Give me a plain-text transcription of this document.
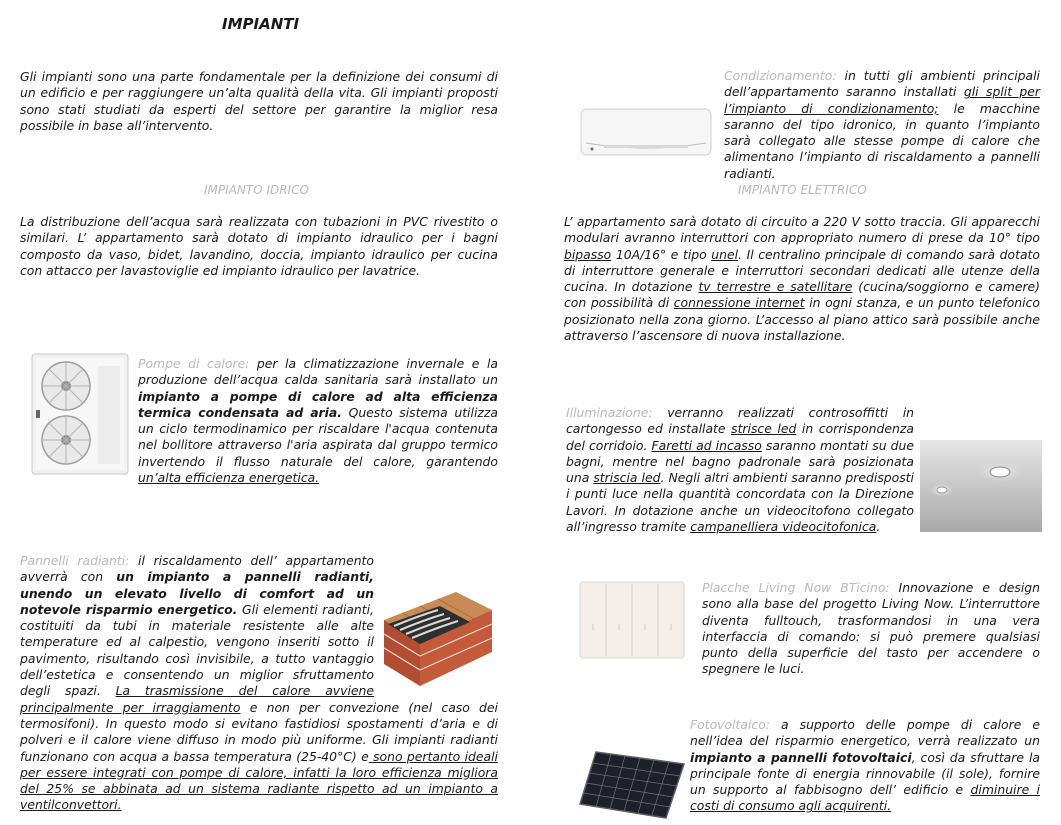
IMPIANTI

Gli impianti sono una parte fondamentale per la definizione dei consumi di un edificio e per raggiungere un’alta qualità della vita. Gli impianti proposti sono stati studiati da esperti del settore per garantire la miglior resa possibile in base all’intervento.

IMPIANTO IDRICO

La distribuzione dell’acqua sarà realizzata con tubazioni in PVC rivestito o similari. L’ appartamento sarà dotato di impianto idraulico per i bagni composto da vaso, bidet, lavandino, doccia, impianto idraulico per cucina con attacco per lavastoviglie ed impianto idraulico per lavatrice.

Pompe di calore: per la climatizzazione invernale e la produzione dell’acqua calda sanitaria sarà installato un impianto a pompe di calore ad alta efficienza termica condensata ad aria. Questo sistema utilizza un ciclo termodinamico per riscaldare l'acqua contenuta nel bollitore attraverso l'aria aspirata dal gruppo termico invertendo il flusso naturale del calore, garantendo un’alta efficienza energetica.

Pannelli radianti: il riscaldamento dell’ appartamento avverrà con un impianto a pannelli radianti, unendo un elevato livello di comfort ad un notevole risparmio energetico. Gli elementi radianti, costituiti da tubi in materiale resistente alle alte temperature ed al calpestio, vengono inseriti sotto il pavimento, risultando così invisibile, a tutto vantaggio dell’estetica e consentendo un miglior sfruttamento degli spazi. La trasmissione del calore avviene principalmente per irraggiamento e non per convezione (nel caso dei termosifoni). In questo modo si evitano fastidiosi spostamenti d’aria e di polveri e il calore viene diffuso in modo più uniforme. Gli impianti radianti funzionano con acqua a bassa temperatura (25-40°C) e sono pertanto ideali per essere integrati con pompe di calore, infatti la loro efficienza migliora del 25% se abbinata ad un sistema radiante rispetto ad un impianto a ventilconvettori.

Condizionamento: in tutti gli ambienti principali dell’appartamento saranno installati gli split per l’impianto di condizionamento; le macchine saranno del tipo idronico, in quanto l’impianto sarà collegato alle stesse pompe di calore che alimentano l’impianto di riscaldamento a pannelli radianti.

IMPIANTO ELETTRICO

L’ appartamento sarà dotato di circuito a 220 V sotto traccia. Gli apparecchi modulari avranno interruttori con appropriato numero di prese da 10° tipo bipasso 10A/16° e tipo unel. Il centralino principale di comando sarà dotato di interruttore generale e interruttori secondari dedicati alle utenze della cucina. In dotazione tv terrestre e satellitare (cucina/soggiorno e camere) con possibilità di connessione internet in ogni stanza, e un punto telefonico posizionato nella zona giorno. L’accesso al piano attico sarà possibile anche attraverso l’ascensore di nuova installazione.

Illuminazione: verranno realizzati controsoffitti in cartongesso ed installate strisce led in corrispondenza del corridoio. Faretti ad incasso saranno montati su due bagni, mentre nel bagno padronale sarà posizionata una striscia led. Negli altri ambienti saranno predisposti i punti luce nella quantità concordata con la Direzione Lavori. In dotazione anche un videocitofono collegato all’ingresso tramite campanelliera videocitofonica.

Placche Living Now BTicino: Innovazione e design sono alla base del progetto Living Now. L’interruttore diventa fulltouch, trasformandosi in una vera interfaccia di comando: si può premere qualsiasi punto della superficie del tasto per accendere o spegnere le luci.

Fotovoltaico: a supporto delle pompe di calore e nell’idea del risparmio energetico, verrà realizzato un impianto a pannelli fotovoltaici, così da sfruttare la principale fonte di energia rinnovabile (il sole), fornire un supporto al fabbisogno dell’ edificio e diminuire i costi di consumo agli acquirenti.
